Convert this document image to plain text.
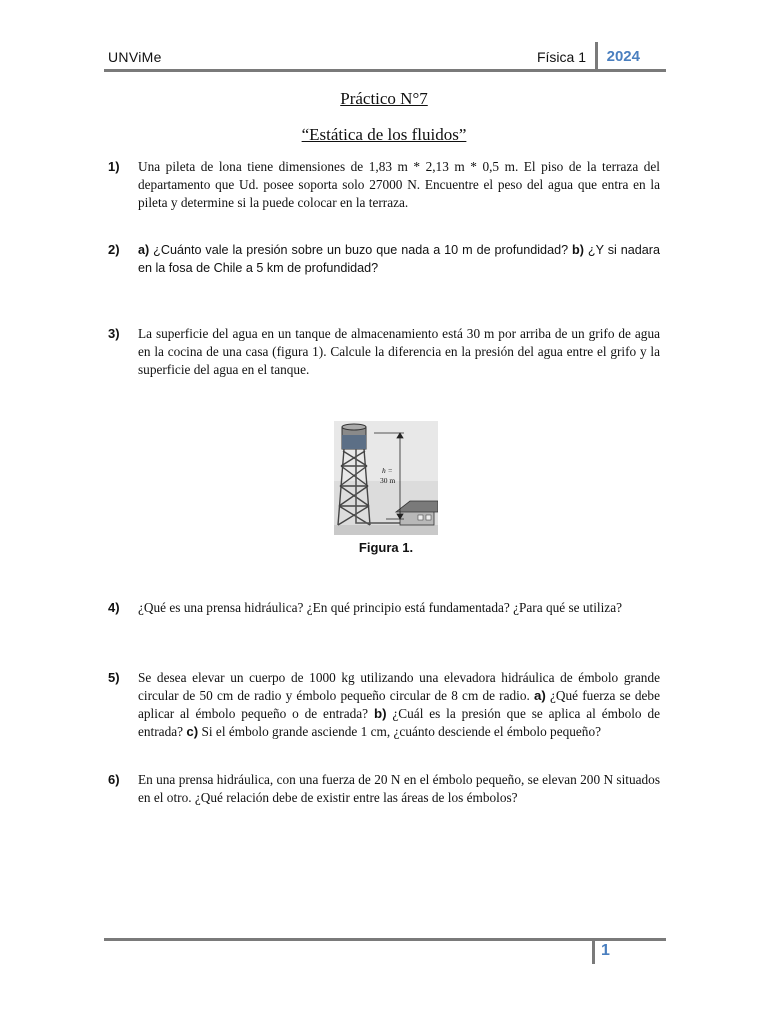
UNViMe	Física 1 2024
Práctico N°7
“Estática de los fluidos”
1) Una pileta de lona tiene dimensiones de 1,83 m * 2,13 m * 0,5 m. El piso de la terraza del departamento que Ud. posee soporta solo 27000 N. Encuentre el peso del agua que entra en la pileta y determine si la puede colocar en la terraza.
2) a) ¿Cuánto vale la presión sobre un buzo que nada a 10 m de profundidad? b) ¿Y si nadara en la fosa de Chile a 5 km de profundidad?
3) La superficie del agua en un tanque de almacenamiento está 30 m por arriba de un grifo de agua en la cocina de una casa (figura 1). Calcule la diferencia en la presión del agua entre el grifo y la superficie del agua en el tanque.
h =
30 m
Figura 1.
4) ¿Qué es una prensa hidráulica? ¿En qué principio está fundamentada? ¿Para qué se utiliza?
5) Se desea elevar un cuerpo de 1000 kg utilizando una elevadora hidráulica de émbolo grande circular de 50 cm de radio y émbolo pequeño circular de 8 cm de radio. a) ¿Qué fuerza se debe aplicar al émbolo pequeño o de entrada? b) ¿Cuál es la presión que se aplica al émbolo de entrada? c) Si el émbolo grande asciende 1 cm, ¿cuánto desciende el émbolo pequeño?
6) En una prensa hidráulica, con una fuerza de 20 N en el émbolo pequeño, se elevan 200 N situados en el otro. ¿Qué relación debe de existir entre las áreas de los émbolos?
1
